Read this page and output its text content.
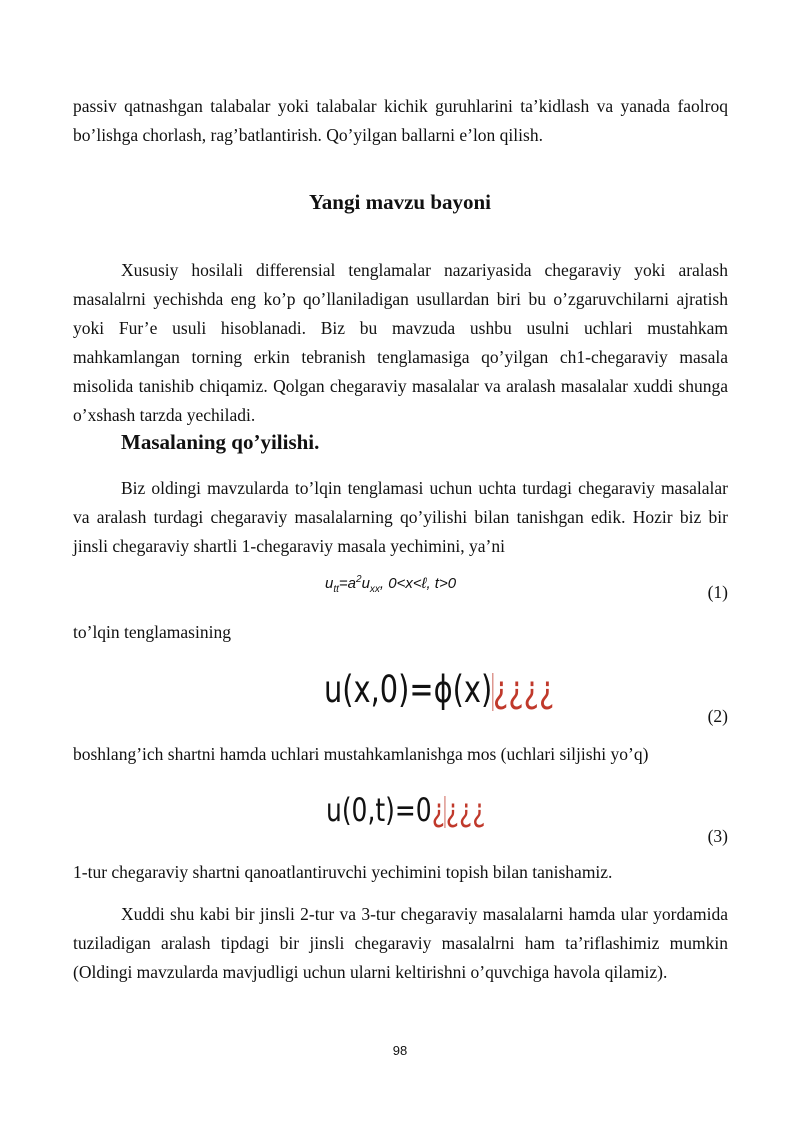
passiv qatnashgan talabalar yoki talabalar kichik guruhlarini ta’kidlash va yanada faolroq bo’lishga chorlash, rag’batlantirish. Qo’yilgan ballarni e’lon qilish.

Yangi mavzu bayoni

Xususiy hosilali differensial tenglamalar nazariyasida chegaraviy yoki aralash masalalrni yechishda eng ko’p qo’llaniladigan usullardan biri bu o’zgaruvchilarni ajratish yoki Fur’e usuli hisoblanadi. Biz bu mavzuda ushbu usulni uchlari mustahkam mahkamlangan torning erkin tebranish tenglamasiga qo’yilgan ch1-chegaraviy masala misolida tanishib chiqamiz. Qolgan chegaraviy masalalar va aralash masalalar xuddi shunga o’xshash tarzda yechiladi.

Masalaning qo’yilishi.

Biz oldingi mavzularda to’lqin tenglamasi uchun uchta turdagi chegaraviy masalalar va aralash turdagi chegaraviy masalalarning qo’yilishi bilan tanishgan edik. Hozir biz bir jinsli chegaraviy shartli 1-chegaraviy masala yechimini, ya’ni

$u_{tt}=a^2u_{xx}$, 0<x<ℓ, t>0	(1)

to’lqin tenglamasining

u(x,0)=ϕ(x)¿¿¿¿
(2)

boshlang’ich shartni hamda uchlari mustahkamlanishga mos (uchlari siljishi yo’q)

u(0,t)=0¿¿¿¿
(3)

1-tur chegaraviy shartni qanoatlantiruvchi yechimini topish bilan tanishamiz.

Xuddi shu kabi bir jinsli 2-tur va 3-tur chegaraviy masalalarni hamda ular yordamida tuziladigan aralash tipdagi bir jinsli chegaraviy masalalrni ham ta’riflashimiz mumkin (Oldingi mavzularda mavjudligi uchun ularni keltirishni o’quvchiga havola qilamiz).

98
